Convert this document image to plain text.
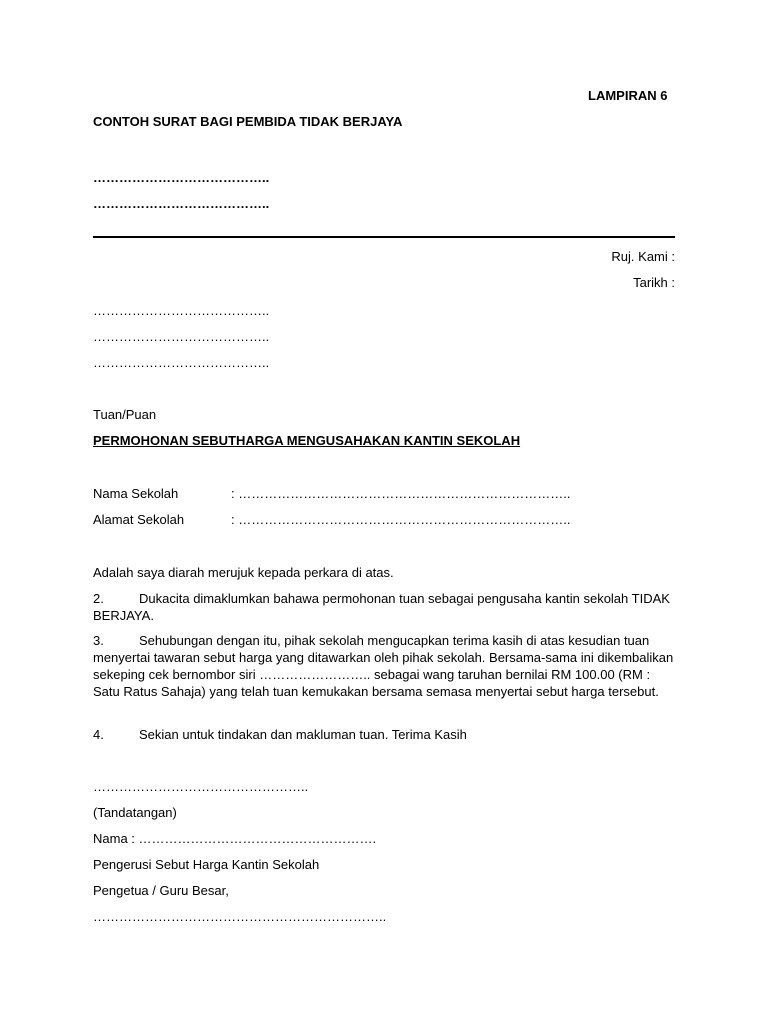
LAMPIRAN 6

CONTOH SURAT BAGI PEMBIDA TIDAK BERJAYA

…………………………………..

…………………………………..

Ruj. Kami :

Tarikh :

…………………………………..

…………………………………..

…………………………………..

Tuan/Puan

PERMOHONAN SEBUTHARGA MENGUSAHAKAN KANTIN SEKOLAH

Nama Sekolah	: …………………………………………………………………..

Alamat Sekolah	: …………………………………………………………………..

Adalah saya diarah merujuk kepada perkara di atas.

2.	Dukacita dimaklumkan bahawa permohonan tuan sebagai pengusaha kantin sekolah TIDAK BERJAYA.

3.	Sehubungan dengan itu, pihak sekolah mengucapkan terima kasih di atas kesudian tuan menyertai tawaran sebut harga yang ditawarkan oleh pihak sekolah. Bersama-sama ini dikembalikan sekeping cek bernombor siri …………………….. sebagai wang taruhan bernilai RM 100.00 (RM : Satu Ratus Sahaja) yang telah tuan kemukakan bersama semasa menyertai sebut harga tersebut.

4.	Sekian untuk tindakan dan makluman tuan. Terima Kasih

…………………………………………..

(Tandatangan)

Nama : ……………………………………………….

Pengerusi Sebut Harga Kantin Sekolah

Pengetua / Guru Besar,

…………………………………………………………..
